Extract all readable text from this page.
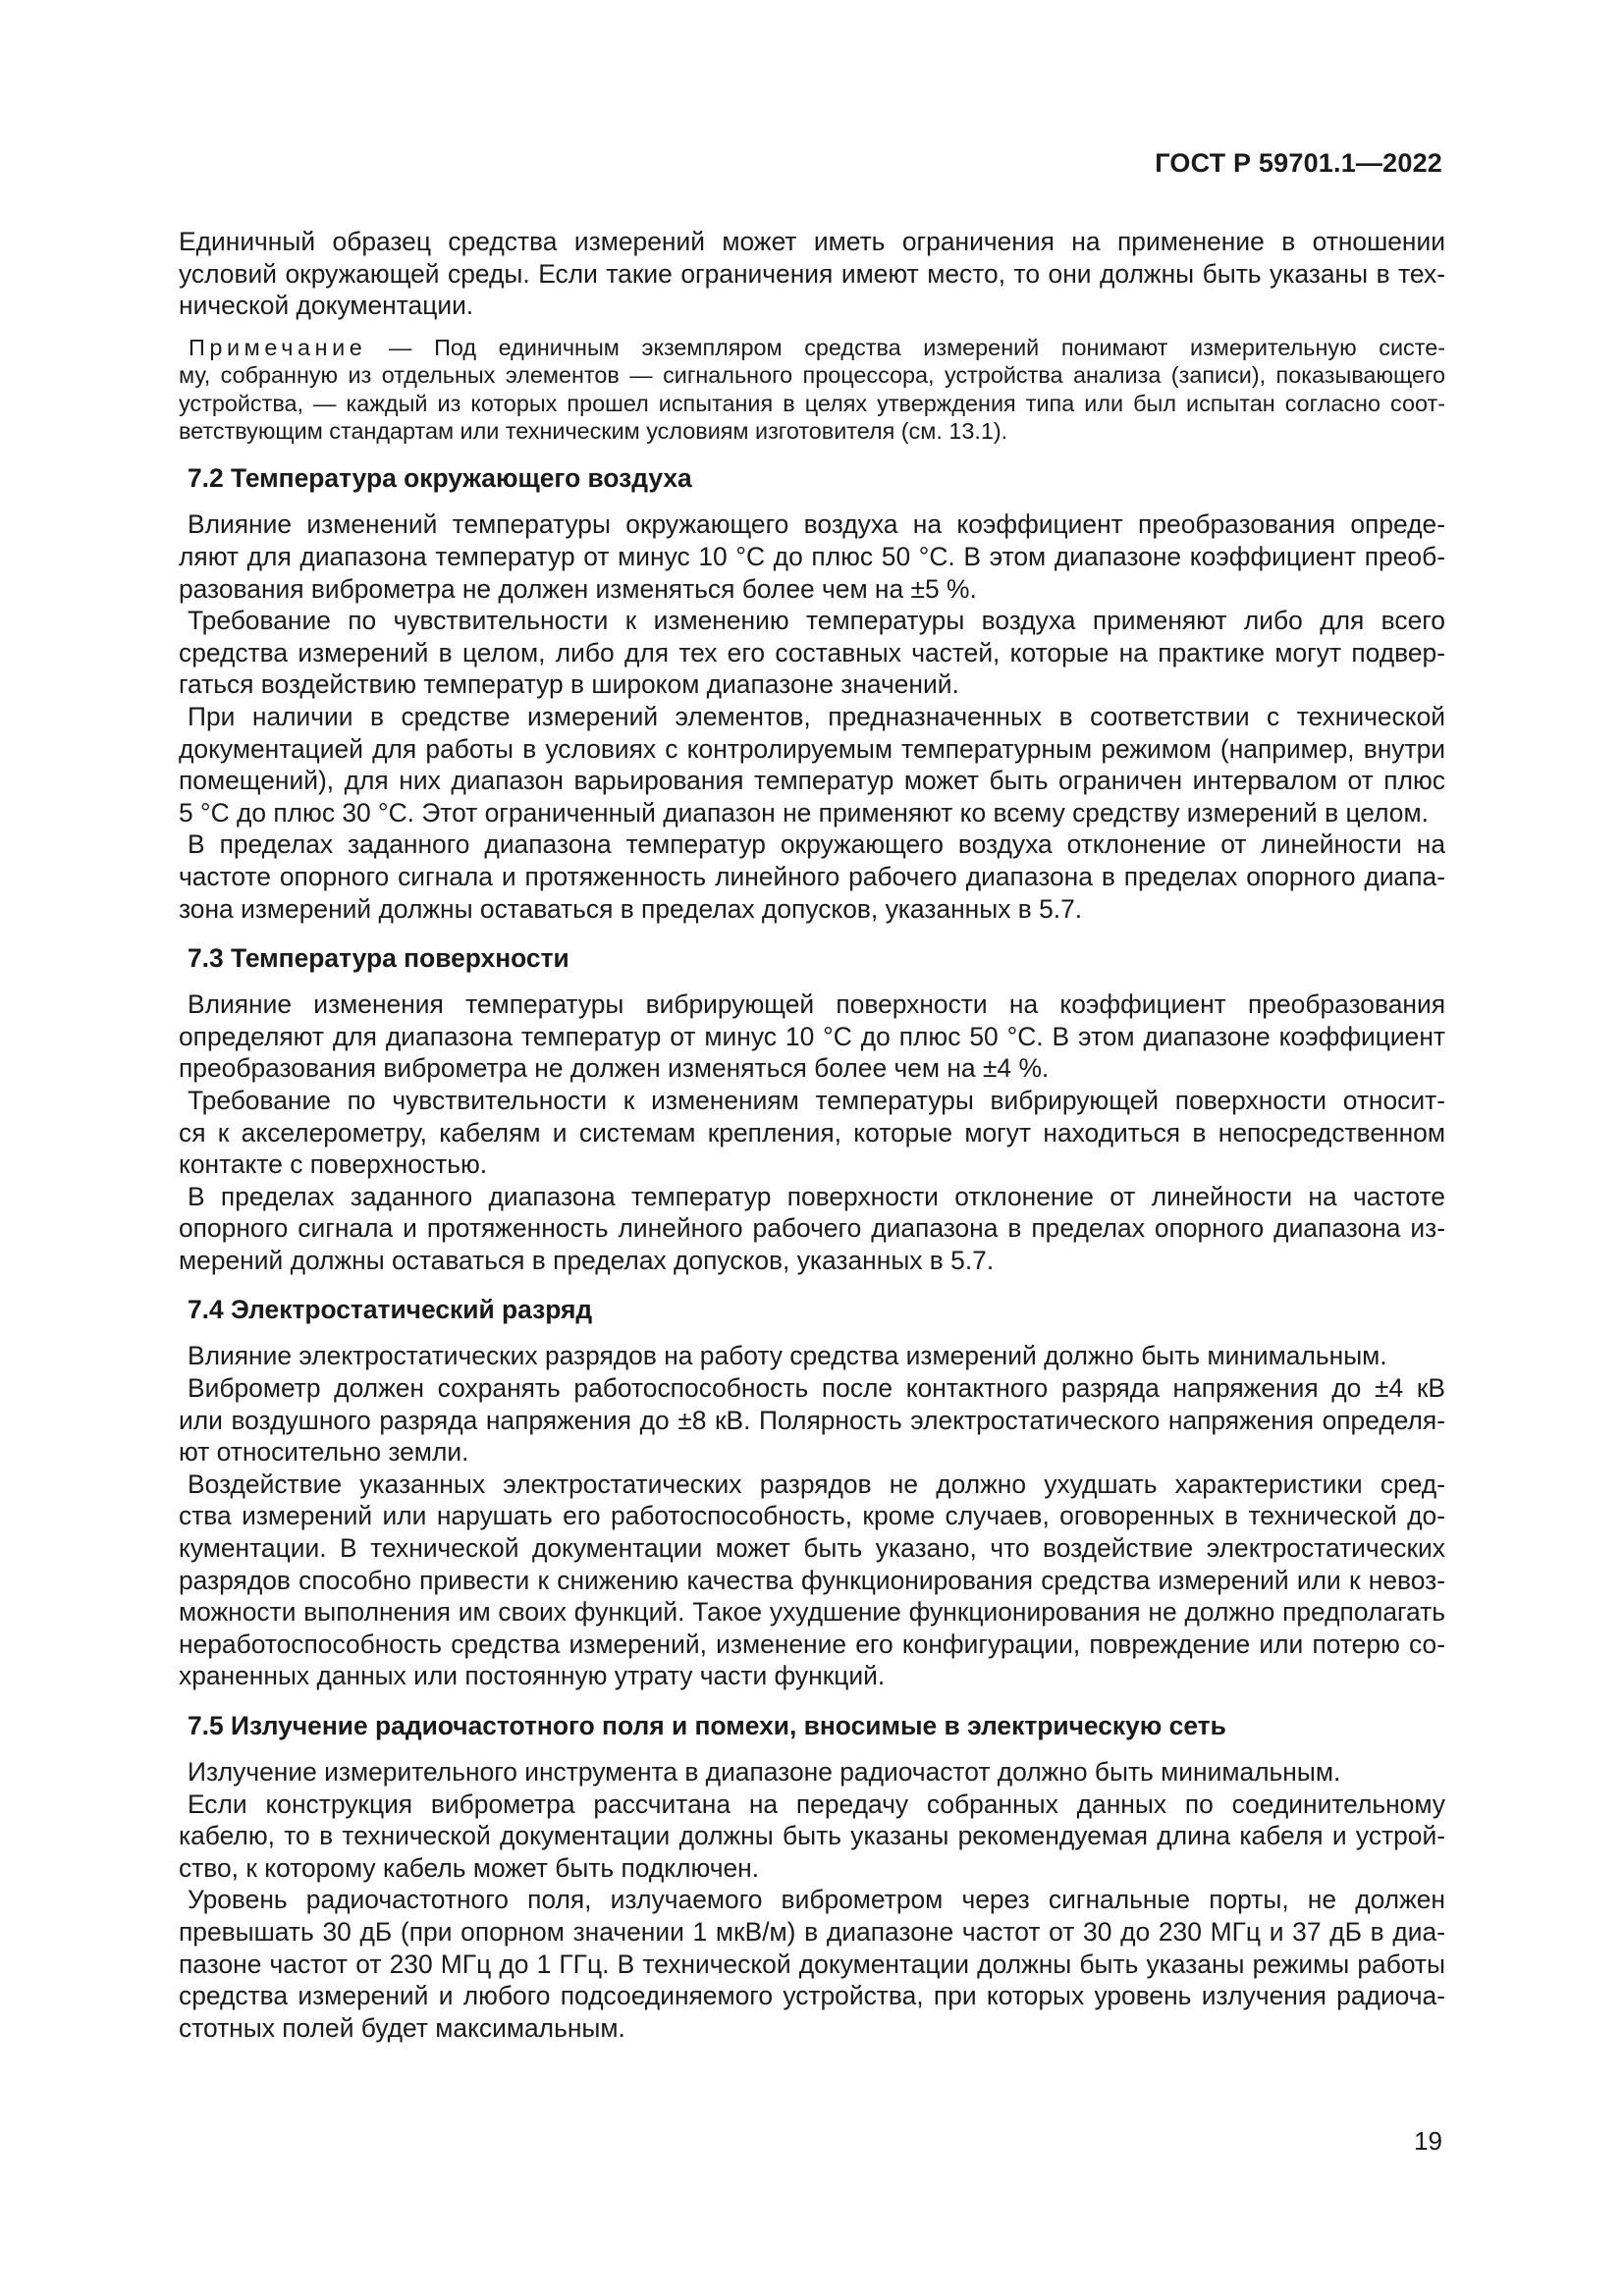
ГОСТ Р 59701.1—2022
Единичный образец средства измерений может иметь ограничения на применение в отношении
условий окружающей среды. Если такие ограничения имеют место, то они должны быть указаны в тех-
нической документации.
Примечание — Под единичным экземпляром средства измерений понимают измерительную систе-
му, собранную из отдельных элементов — сигнального процессора, устройства анализа (записи), показывающего
устройства, — каждый из которых прошел испытания в целях утверждения типа или был испытан согласно соот-
ветствующим стандартам или техническим условиям изготовителя (см. 13.1).
7.2 Температура окружающего воздуха
Влияние изменений температуры окружающего воздуха на коэффициент преобразования опреде-
ляют для диапазона температур от минус 10 °С до плюс 50 °С. В этом диапазоне коэффициент преоб-
разования виброметра не должен изменяться более чем на ±5 %.
Требование по чувствительности к изменению температуры воздуха применяют либо для всего
средства измерений в целом, либо для тех его составных частей, которые на практике могут подвер-
гаться воздействию температур в широком диапазоне значений.
При наличии в средстве измерений элементов, предназначенных в соответствии с технической
документацией для работы в условиях с контролируемым температурным режимом (например, внутри
помещений), для них диапазон варьирования температур может быть ограничен интервалом от плюс
5 °С до плюс 30 °С. Этот ограниченный диапазон не применяют ко всему средству измерений в целом.
В пределах заданного диапазона температур окружающего воздуха отклонение от линейности на
частоте опорного сигнала и протяженность линейного рабочего диапазона в пределах опорного диапа-
зона измерений должны оставаться в пределах допусков, указанных в 5.7.
7.3 Температура поверхности
Влияние изменения температуры вибрирующей поверхности на коэффициент преобразования
определяют для диапазона температур от минус 10 °С до плюс 50 °С. В этом диапазоне коэффициент
преобразования виброметра не должен изменяться более чем на ±4 %.
Требование по чувствительности к изменениям температуры вибрирующей поверхности относит-
ся к акселерометру, кабелям и системам крепления, которые могут находиться в непосредственном
контакте с поверхностью.
В пределах заданного диапазона температур поверхности отклонение от линейности на частоте
опорного сигнала и протяженность линейного рабочего диапазона в пределах опорного диапазона из-
мерений должны оставаться в пределах допусков, указанных в 5.7.
7.4 Электростатический разряд
Влияние электростатических разрядов на работу средства измерений должно быть минимальным.
Виброметр должен сохранять работоспособность после контактного разряда напряжения до ±4 кВ
или воздушного разряда напряжения до ±8 кВ. Полярность электростатического напряжения определя-
ют относительно земли.
Воздействие указанных электростатических разрядов не должно ухудшать характеристики сред-
ства измерений или нарушать его работоспособность, кроме случаев, оговоренных в технической до-
кументации. В технической документации может быть указано, что воздействие электростатических
разрядов способно привести к снижению качества функционирования средства измерений или к невоз-
можности выполнения им своих функций. Такое ухудшение функционирования не должно предполагать
неработоспособность средства измерений, изменение его конфигурации, повреждение или потерю со-
храненных данных или постоянную утрату части функций.
7.5 Излучение радиочастотного поля и помехи, вносимые в электрическую сеть
Излучение измерительного инструмента в диапазоне радиочастот должно быть минимальным.
Если конструкция виброметра рассчитана на передачу собранных данных по соединительному
кабелю, то в технической документации должны быть указаны рекомендуемая длина кабеля и устрой-
ство, к которому кабель может быть подключен.
Уровень радиочастотного поля, излучаемого виброметром через сигнальные порты, не должен
превышать 30 дБ (при опорном значении 1 мкВ/м) в диапазоне частот от 30 до 230 МГц и 37 дБ в диа-
пазоне частот от 230 МГц до 1 ГГц. В технической документации должны быть указаны режимы работы
средства измерений и любого подсоединяемого устройства, при которых уровень излучения радиоча-
стотных полей будет максимальным.
19
